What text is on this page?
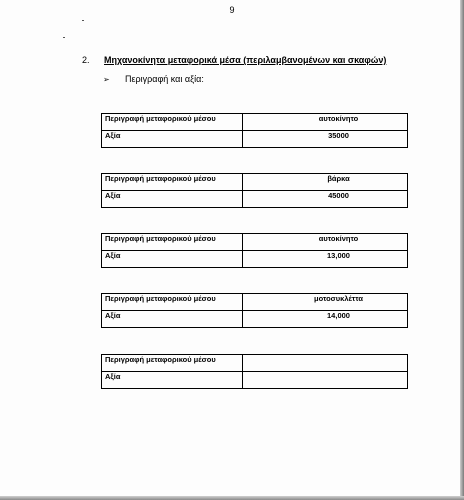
9
2. Μηχανοκίνητα μεταφορικά μέσα (περιλαμβανομένων και σκαφών)
➢ Περιγραφή και αξία:
Περιγραφή μεταφορικού μέσου	αυτοκίνητο
Αξία	35000
Περιγραφή μεταφορικού μέσου	βάρκα
Αξία	45000
Περιγραφή μεταφορικού μέσου	αυτοκίνητο
Αξία	13,000
Περιγραφή μεταφορικού μέσου	μοτοσυκλέττα
Αξία	14,000
Περιγραφή μεταφορικού μέσου	
Αξία	
